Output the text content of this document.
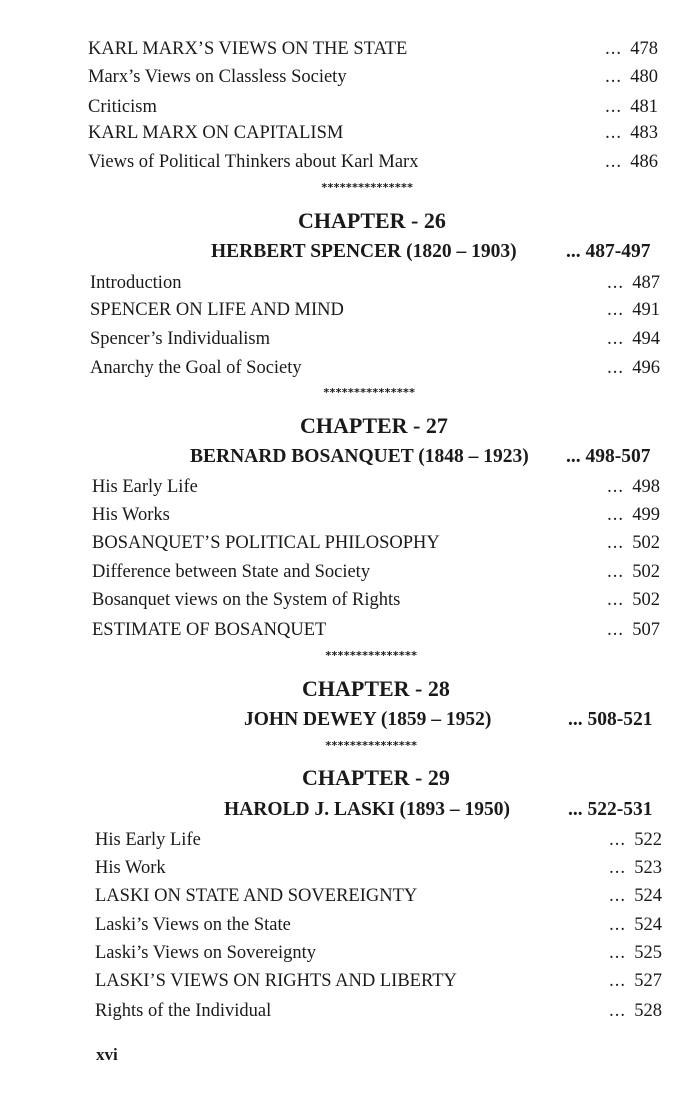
KARL MARX’S VIEWS ON THE STATE	... 478
Marx’s Views on Classless Society	... 480
Criticism	... 481
KARL MARX ON CAPITALISM	... 483
Views of Political Thinkers about Karl Marx	... 486
***************
CHAPTER - 26
HERBERT SPENCER (1820 – 1903)	... 487-497
Introduction	... 487
SPENCER ON LIFE AND MIND	... 491
Spencer’s Individualism	... 494
Anarchy the Goal of Society	... 496
***************
CHAPTER - 27
BERNARD BOSANQUET (1848 – 1923) ... 498-507
His Early Life	... 498
His Works	... 499
BOSANQUET’S POLITICAL PHILOSOPHY	... 502
Difference between State and Society	... 502
Bosanquet views on the System of Rights	... 502
ESTIMATE OF BOSANQUET	... 507
***************
CHAPTER - 28
JOHN DEWEY (1859 – 1952)	... 508-521
***************
CHAPTER - 29
HAROLD J. LASKI (1893 – 1950)	... 522-531
His Early Life	... 522
His Work	... 523
LASKI ON STATE AND SOVEREIGNTY	... 524
Laski’s Views on the State	... 524
Laski’s Views on Sovereignty	... 525
LASKI’S VIEWS ON RIGHTS AND LIBERTY	... 527
Rights of the Individual	... 528
xvi
